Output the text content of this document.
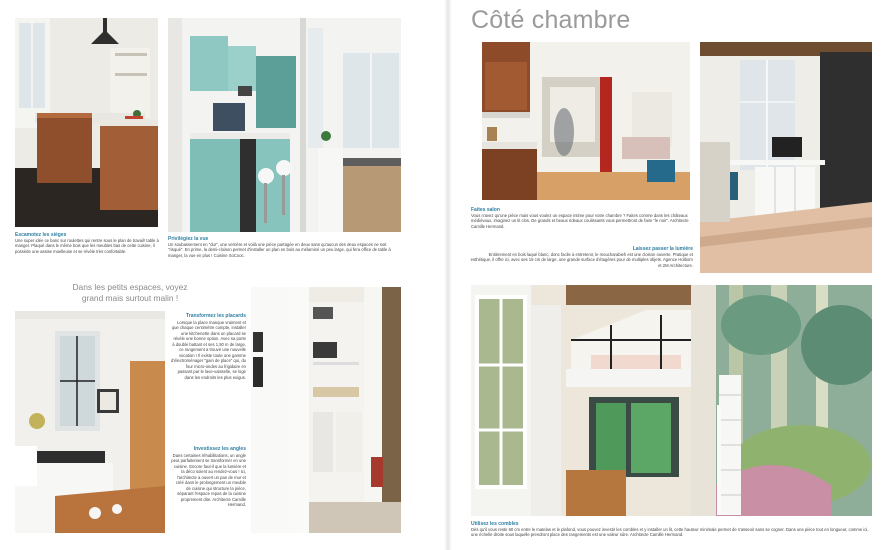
Escamotez les sièges
Une super idée ce banc sur roulettes qui rentre sous le plan de travail! table à manger. Plaqué dans le même bois que les meubles bas de cette cuisine, il possède une assise moelleuse et se révèle très confortable.
Privilégiez la vue
Un soubassement en "dur", une verrière et voilà une pièce partagée en deux sans qu'aucun des deux espaces ne soit "risqué". En prime, la demi-cloison permet d'installer un plan en bois au mélaminé un peu large, qui fera office de table à manger, la vue en plus ! Cuisine SoCooc.
Dans les petits espaces, voyez grand mais surtout malin !
Transformez les placards
Lorsque la place manque vraiment et que chaque centimètre compte, installer une kitchenette dans un placard se révèle une bonne option. Avec sa porte à double battant et ses 1,50 m de large, ce rangement a trouvé une nouvelle vocation ! Il existe toute une gamme d'électroménager "gain de place" qui, du four micro-ondes au frigidaire en passant par le lave-vaisselle, se loge dans les endroits les plus exigus.
Investissez les angles
Dans certaines réhabilitations, un angle peut parfaitement se transformer en une cuisine. Encore faut-il que la lumière et la déco soient au rendez-vous ! Ici, l'architecte a ouvert un pan de mur et créé dans le prolongement un meuble de cuisine qui structure la pièce, séparant l'espace repas de la cuisine proprement dite. Architecte Camille Hermand.
Côté chambre
Faites salon
Vous n'avez qu'une pièce mais vous voulez un espace intime pour votre chambre ? Faites comme dans les châteaux médiévaux, imaginez un lit clos. De grands et beaux rideaux coulissants vous permettront de faire "le noir". Architecte Camille Hermand.
Laissez passer la lumière
Entièrement en bois laqué blanc, donc facile à entretenir, le moucharabieh est une cloison ouverte. Pratique et esthétique, il offre ici, avec ses 15 cm de large, une grande surface d'étagères pour de multiples objets. Agence Holborn et 2M Architecture.
Utilisez les combles
Dès qu'il vous reste 60 cm entre le matelas et le plafond, vous pouvez investir les combles et y installer un lit, cette hauteur minimale permet de s'asseoir sans se cogner. Dans une pièce tout en longueur, comme ici, une échelle droite sous laquelle prendront place des rangements est une valeur sûre. Architecte Camille Hermand.
